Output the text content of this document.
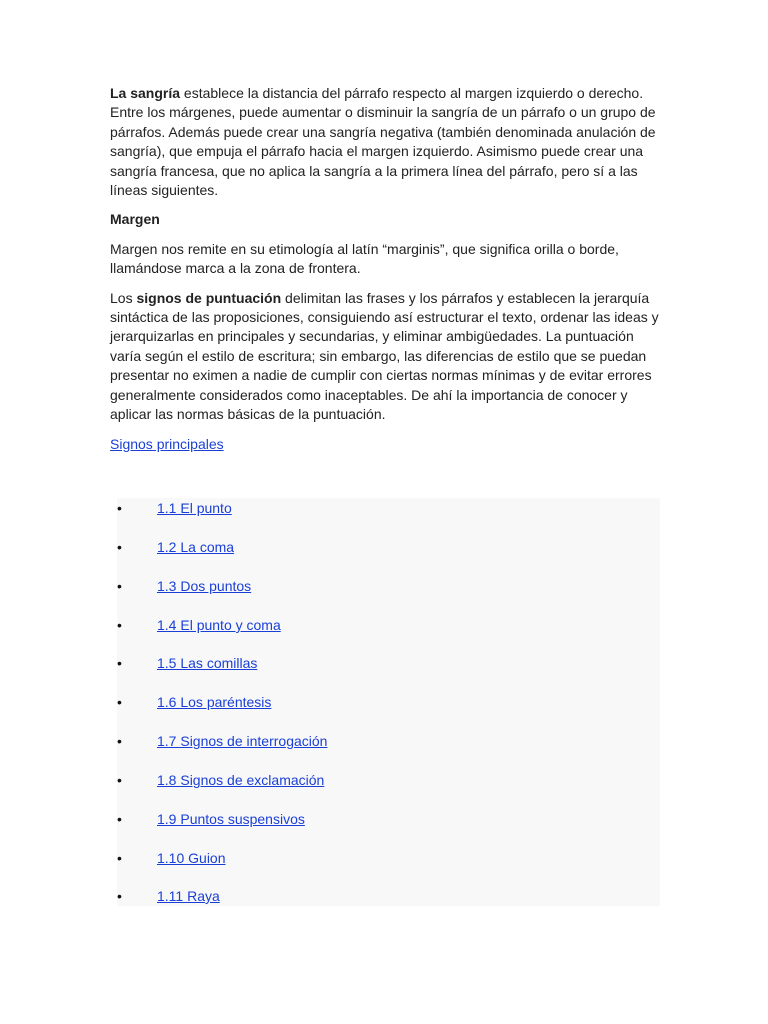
La sangría establece la distancia del párrafo respecto al margen izquierdo o derecho. Entre los márgenes, puede aumentar o disminuir la sangría de un párrafo o un grupo de párrafos. Además puede crear una sangría negativa (también denominada anulación de sangría), que empuja el párrafo hacia el margen izquierdo. Asimismo puede crear una sangría francesa, que no aplica la sangría a la primera línea del párrafo, pero sí a las líneas siguientes.

Margen

Margen nos remite en su etimología al latín “marginis”, que significa orilla o borde, llamándose marca a la zona de frontera.

Los signos de puntuación delimitan las frases y los párrafos y establecen la jerarquía sintáctica de las proposiciones, consiguiendo así estructurar el texto, ordenar las ideas y jerarquizarlas en principales y secundarias, y eliminar ambigüedades. La puntuación varía según el estilo de escritura; sin embargo, las diferencias de estilo que se puedan presentar no eximen a nadie de cumplir con ciertas normas mínimas y de evitar errores generalmente considerados como inaceptables. De ahí la importancia de conocer y aplicar las normas básicas de la puntuación.

Signos principales

•	1.1 El punto
•	1.2 La coma
•	1.3 Dos puntos
•	1.4 El punto y coma
•	1.5 Las comillas
•	1.6 Los paréntesis
•	1.7 Signos de interrogación
•	1.8 Signos de exclamación
•	1.9 Puntos suspensivos
•	1.10 Guion
•	1.11 Raya
